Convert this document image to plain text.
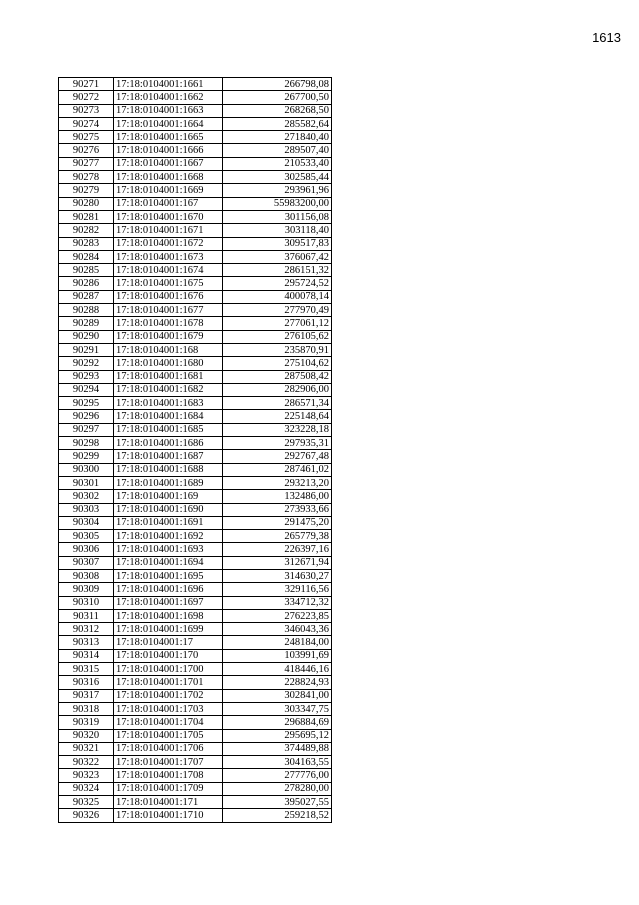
1613
90271	17:18:0104001:1661	266798,08
90272	17:18:0104001:1662	267700,50
90273	17:18:0104001:1663	268268,50
90274	17:18:0104001:1664	285582,64
90275	17:18:0104001:1665	271840,40
90276	17:18:0104001:1666	289507,40
90277	17:18:0104001:1667	210533,40
90278	17:18:0104001:1668	302585,44
90279	17:18:0104001:1669	293961,96
90280	17:18:0104001:167	55983200,00
90281	17:18:0104001:1670	301156,08
90282	17:18:0104001:1671	303118,40
90283	17:18:0104001:1672	309517,83
90284	17:18:0104001:1673	376067,42
90285	17:18:0104001:1674	286151,32
90286	17:18:0104001:1675	295724,52
90287	17:18:0104001:1676	400078,14
90288	17:18:0104001:1677	277970,49
90289	17:18:0104001:1678	277061,12
90290	17:18:0104001:1679	276105,62
90291	17:18:0104001:168	235870,91
90292	17:18:0104001:1680	275104,62
90293	17:18:0104001:1681	287508,42
90294	17:18:0104001:1682	282906,00
90295	17:18:0104001:1683	286571,34
90296	17:18:0104001:1684	225148,64
90297	17:18:0104001:1685	323228,18
90298	17:18:0104001:1686	297935,31
90299	17:18:0104001:1687	292767,48
90300	17:18:0104001:1688	287461,02
90301	17:18:0104001:1689	293213,20
90302	17:18:0104001:169	132486,00
90303	17:18:0104001:1690	273933,66
90304	17:18:0104001:1691	291475,20
90305	17:18:0104001:1692	265779,38
90306	17:18:0104001:1693	226397,16
90307	17:18:0104001:1694	312671,94
90308	17:18:0104001:1695	314630,27
90309	17:18:0104001:1696	329116,56
90310	17:18:0104001:1697	334712,32
90311	17:18:0104001:1698	276223,85
90312	17:18:0104001:1699	346043,36
90313	17:18:0104001:17	248184,00
90314	17:18:0104001:170	103991,69
90315	17:18:0104001:1700	418446,16
90316	17:18:0104001:1701	228824,93
90317	17:18:0104001:1702	302841,00
90318	17:18:0104001:1703	303347,75
90319	17:18:0104001:1704	296884,69
90320	17:18:0104001:1705	295695,12
90321	17:18:0104001:1706	374489,88
90322	17:18:0104001:1707	304163,55
90323	17:18:0104001:1708	277776,00
90324	17:18:0104001:1709	278280,00
90325	17:18:0104001:171	395027,55
90326	17:18:0104001:1710	259218,52
